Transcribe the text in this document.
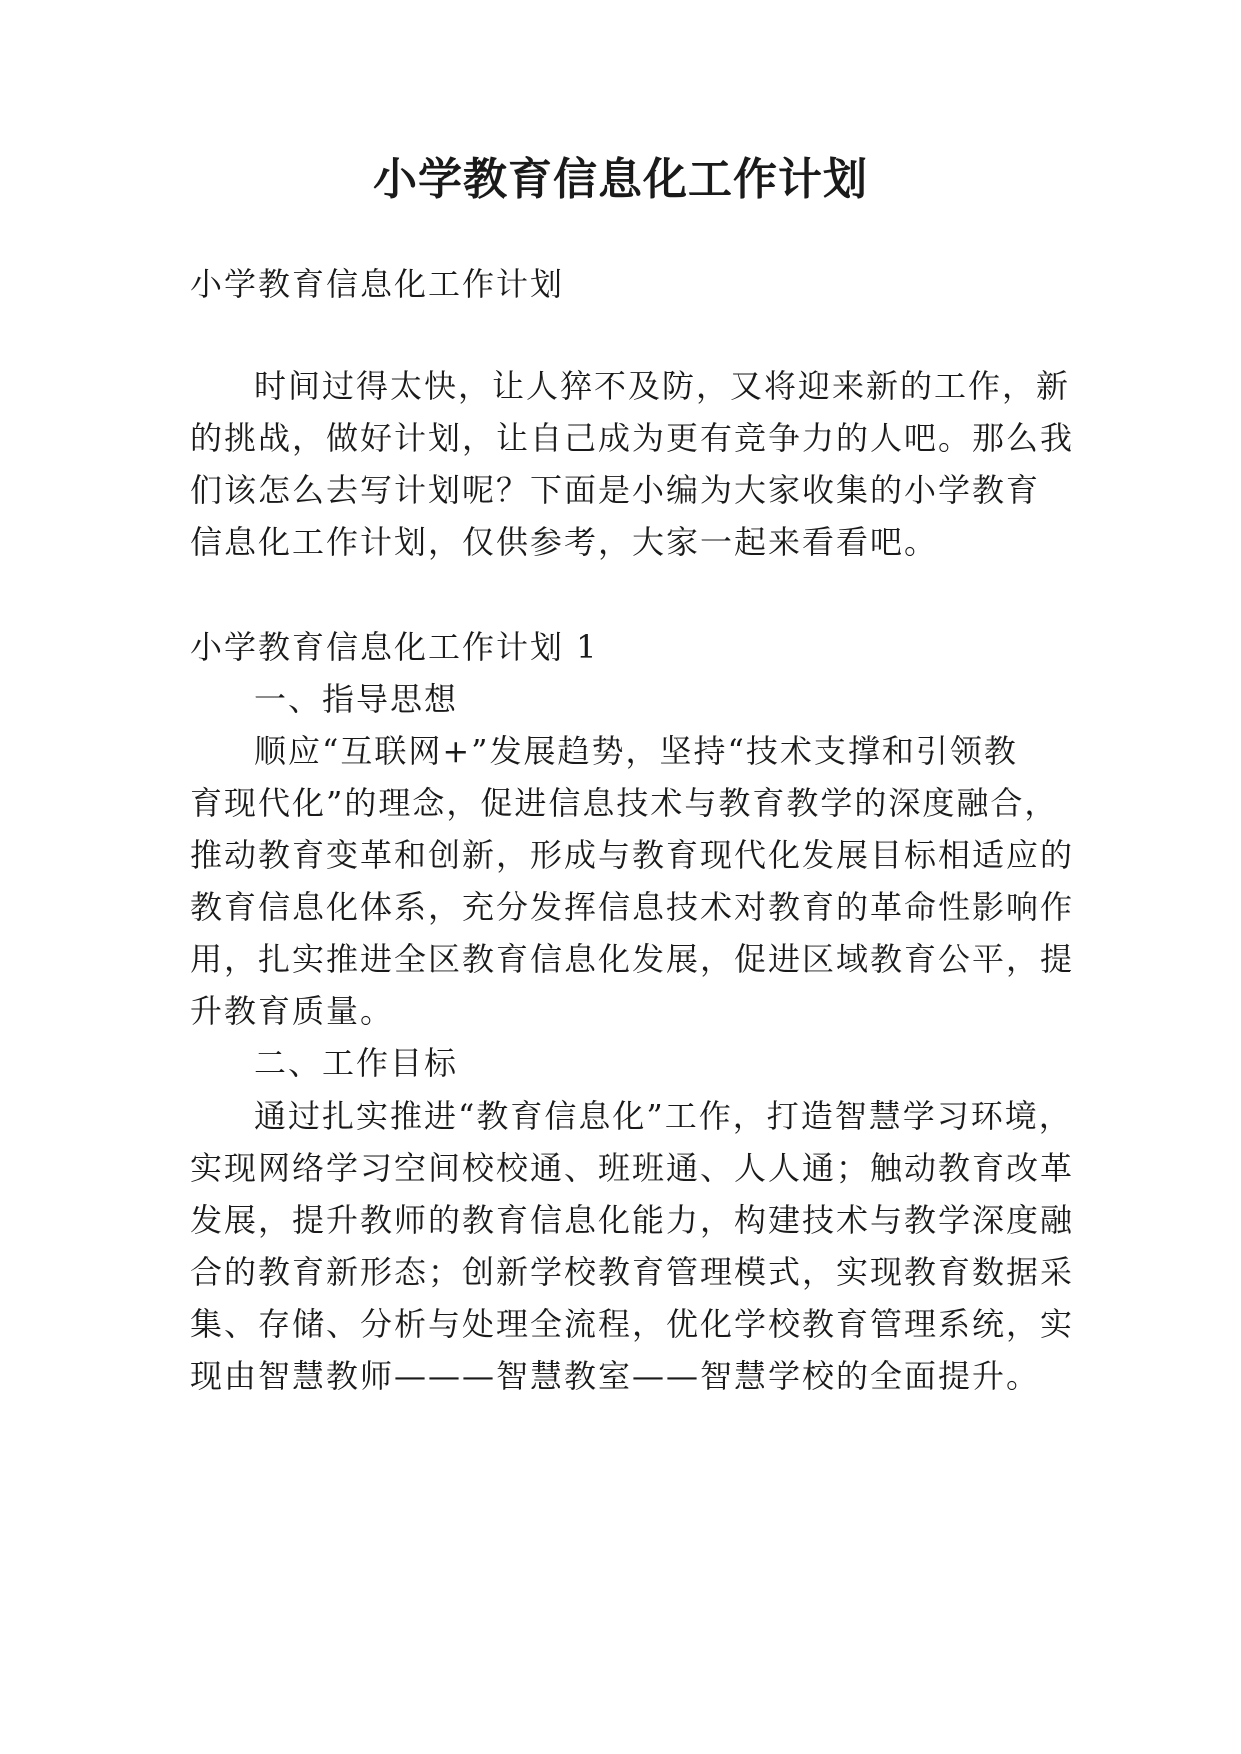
小学教育信息化工作计划

小学教育信息化工作计划

时间过得太快，让人猝不及防，又将迎来新的工作，新

的挑战，做好计划，让自己成为更有竞争力的人吧。那么我

们该怎么去写计划呢？下面是小编为大家收集的小学教育

信息化工作计划，仅供参考，大家一起来看看吧。

小学教育信息化工作计划 1

一、指导思想

顺应“互联网+”发展趋势，坚持“技术支撑和引领教

育现代化”的理念，促进信息技术与教育教学的深度融合，

推动教育变革和创新，形成与教育现代化发展目标相适应的

教育信息化体系，充分发挥信息技术对教育的革命性影响作

用，扎实推进全区教育信息化发展，促进区域教育公平，提

升教育质量。

二、工作目标

通过扎实推进“教育信息化”工作，打造智慧学习环境，

实现网络学习空间校校通、班班通、人人通；触动教育改革

发展，提升教师的教育信息化能力，构建技术与教学深度融

合的教育新形态；创新学校教育管理模式，实现教育数据采

集、存储、分析与处理全流程，优化学校教育管理系统，实

现由智慧教师———智慧教室——智慧学校的全面提升。
